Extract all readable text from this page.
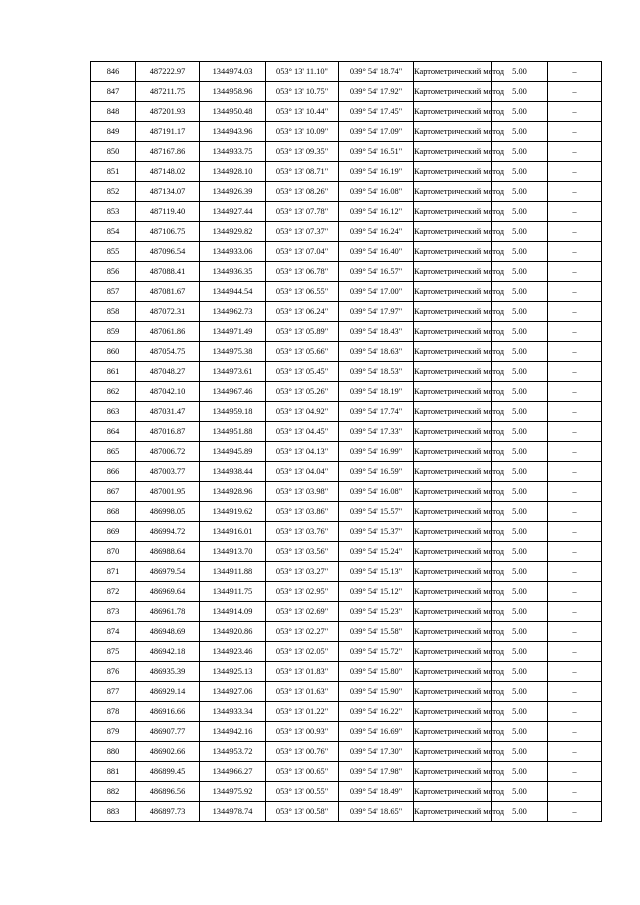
846	487222.97	1344974.03	053° 13' 11.10"	039° 54' 18.74"	Картометрический метод	5.00	–
847	487211.75	1344958.96	053° 13' 10.75"	039° 54' 17.92"	Картометрический метод	5.00	–
848	487201.93	1344950.48	053° 13' 10.44"	039° 54' 17.45"	Картометрический метод	5.00	–
849	487191.17	1344943.96	053° 13' 10.09"	039° 54' 17.09"	Картометрический метод	5.00	–
850	487167.86	1344933.75	053° 13' 09.35"	039° 54' 16.51"	Картометрический метод	5.00	–
851	487148.02	1344928.10	053° 13' 08.71"	039° 54' 16.19"	Картометрический метод	5.00	–
852	487134.07	1344926.39	053° 13' 08.26"	039° 54' 16.08"	Картометрический метод	5.00	–
853	487119.40	1344927.44	053° 13' 07.78"	039° 54' 16.12"	Картометрический метод	5.00	–
854	487106.75	1344929.82	053° 13' 07.37"	039° 54' 16.24"	Картометрический метод	5.00	–
855	487096.54	1344933.06	053° 13' 07.04"	039° 54' 16.40"	Картометрический метод	5.00	–
856	487088.41	1344936.35	053° 13' 06.78"	039° 54' 16.57"	Картометрический метод	5.00	–
857	487081.67	1344944.54	053° 13' 06.55"	039° 54' 17.00"	Картометрический метод	5.00	–
858	487072.31	1344962.73	053° 13' 06.24"	039° 54' 17.97"	Картометрический метод	5.00	–
859	487061.86	1344971.49	053° 13' 05.89"	039° 54' 18.43"	Картометрический метод	5.00	–
860	487054.75	1344975.38	053° 13' 05.66"	039° 54' 18.63"	Картометрический метод	5.00	–
861	487048.27	1344973.61	053° 13' 05.45"	039° 54' 18.53"	Картометрический метод	5.00	–
862	487042.10	1344967.46	053° 13' 05.26"	039° 54' 18.19"	Картометрический метод	5.00	–
863	487031.47	1344959.18	053° 13' 04.92"	039° 54' 17.74"	Картометрический метод	5.00	–
864	487016.87	1344951.88	053° 13' 04.45"	039° 54' 17.33"	Картометрический метод	5.00	–
865	487006.72	1344945.89	053° 13' 04.13"	039° 54' 16.99"	Картометрический метод	5.00	–
866	487003.77	1344938.44	053° 13' 04.04"	039° 54' 16.59"	Картометрический метод	5.00	–
867	487001.95	1344928.96	053° 13' 03.98"	039° 54' 16.08"	Картометрический метод	5.00	–
868	486998.05	1344919.62	053° 13' 03.86"	039° 54' 15.57"	Картометрический метод	5.00	–
869	486994.72	1344916.01	053° 13' 03.76"	039° 54' 15.37"	Картометрический метод	5.00	–
870	486988.64	1344913.70	053° 13' 03.56"	039° 54' 15.24"	Картометрический метод	5.00	–
871	486979.54	1344911.88	053° 13' 03.27"	039° 54' 15.13"	Картометрический метод	5.00	–
872	486969.64	1344911.75	053° 13' 02.95"	039° 54' 15.12"	Картометрический метод	5.00	–
873	486961.78	1344914.09	053° 13' 02.69"	039° 54' 15.23"	Картометрический метод	5.00	–
874	486948.69	1344920.86	053° 13' 02.27"	039° 54' 15.58"	Картометрический метод	5.00	–
875	486942.18	1344923.46	053° 13' 02.05"	039° 54' 15.72"	Картометрический метод	5.00	–
876	486935.39	1344925.13	053° 13' 01.83"	039° 54' 15.80"	Картометрический метод	5.00	–
877	486929.14	1344927.06	053° 13' 01.63"	039° 54' 15.90"	Картометрический метод	5.00	–
878	486916.66	1344933.34	053° 13' 01.22"	039° 54' 16.22"	Картометрический метод	5.00	–
879	486907.77	1344942.16	053° 13' 00.93"	039° 54' 16.69"	Картометрический метод	5.00	–
880	486902.66	1344953.72	053° 13' 00.76"	039° 54' 17.30"	Картометрический метод	5.00	–
881	486899.45	1344966.27	053° 13' 00.65"	039° 54' 17.98"	Картометрический метод	5.00	–
882	486896.56	1344975.92	053° 13' 00.55"	039° 54' 18.49"	Картометрический метод	5.00	–
883	486897.73	1344978.74	053° 13' 00.58"	039° 54' 18.65"	Картометрический метод	5.00	–
